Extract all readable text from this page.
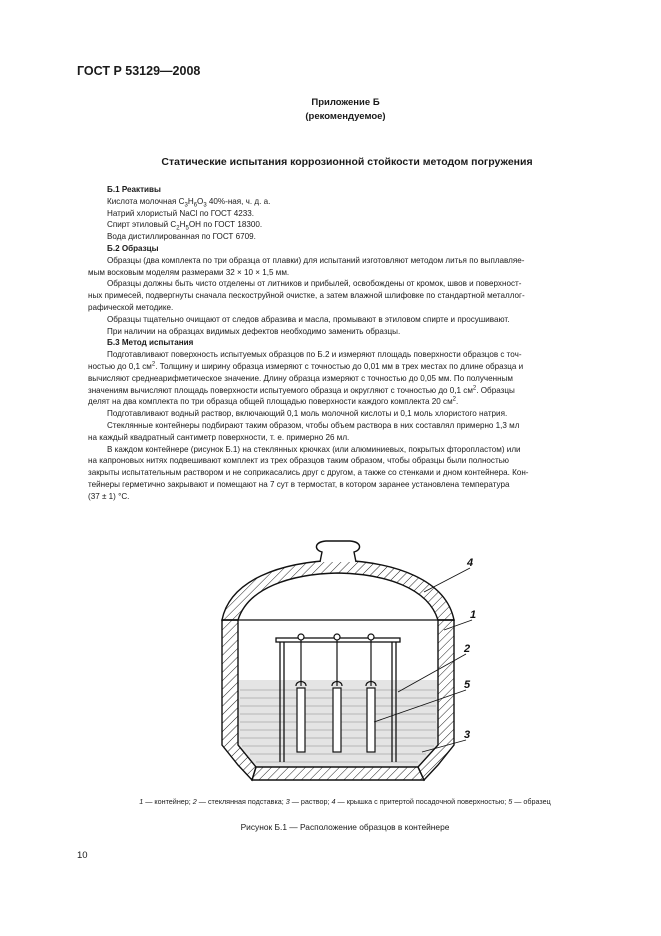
ГОСТ Р 53129—2008
Приложение Б
(рекомендуемое)
Статические испытания коррозионной стойкости методом погружения
Б.1 Реактивы
Кислота молочная $С_3Н_6О_3$ 40%-ная, ч. д. а.
Натрий хлористый NaCl по ГОСТ 4233.
Спирт этиловый $С_2Н_5ОН$ по ГОСТ 18300.
Вода дистиллированная по ГОСТ 6709.
Б.2 Образцы
Образцы (два комплекта по три образца от плавки) для испытаний изготовляют методом литья по выплавляе-
мым восковым моделям размерами 32 × 10 × 1,5 мм.
Образцы должны быть чисто отделены от литников и прибылей, освобождены от кромок, швов и поверхност-
ных примесей, подвергнуты сначала пескоструйной очистке, а затем влажной шлифовке по стандартной металлог-
рафической методике.
Образцы тщательно очищают от следов абразива и масла, промывают в этиловом спирте и просушивают.
При наличии на образцах видимых дефектов необходимо заменить образцы.
Б.3 Метод испытания
Подготавливают поверхность испытуемых образцов по Б.2 и измеряют площадь поверхности образцов с точ-
ностью до 0,1 $см^2$. Толщину и ширину образца измеряют с точностью до 0,01 мм в трех местах по длине образца и
вычисляют среднеарифметическое значение. Длину образца измеряют с точностью до 0,05 мм. По полученным
значениям вычисляют площадь поверхности испытуемого образца и округляют с точностью до 0,1 $см^2$. Образцы
делят на два комплекта по три образца общей площадью поверхности каждого комплекта 20 $см^2$.
Подготавливают водный раствор, включающий 0,1 моль молочной кислоты и 0,1 моль хлористого натрия.
Стеклянные контейнеры подбирают таким образом, чтобы объем раствора в них составлял примерно 1,3 мл
на каждый квадратный сантиметр поверхности, т. е. примерно 26 мл.
В каждом контейнере (рисунок Б.1) на стеклянных крючках (или алюминиевых, покрытых фторопластом) или
на капроновых нитях подвешивают комплект из трех образцов таким образом, чтобы образцы были полностью
закрыты испытательным раствором и не соприкасались друг с другом, а также со стенками и дном контейнера. Кон-
тейнеры герметично закрывают и помещают на 7 сут в термостат, в котором заранее установлена температура
(37 ± 1) °С.
4
1
2
5
3
1 — контейнер; 2 — стеклянная подставка; 3 — раствор; 4 — крышка с притертой посадочной поверхностью; 5 — образец
Рисунок Б.1 — Расположение образцов в контейнере
10
